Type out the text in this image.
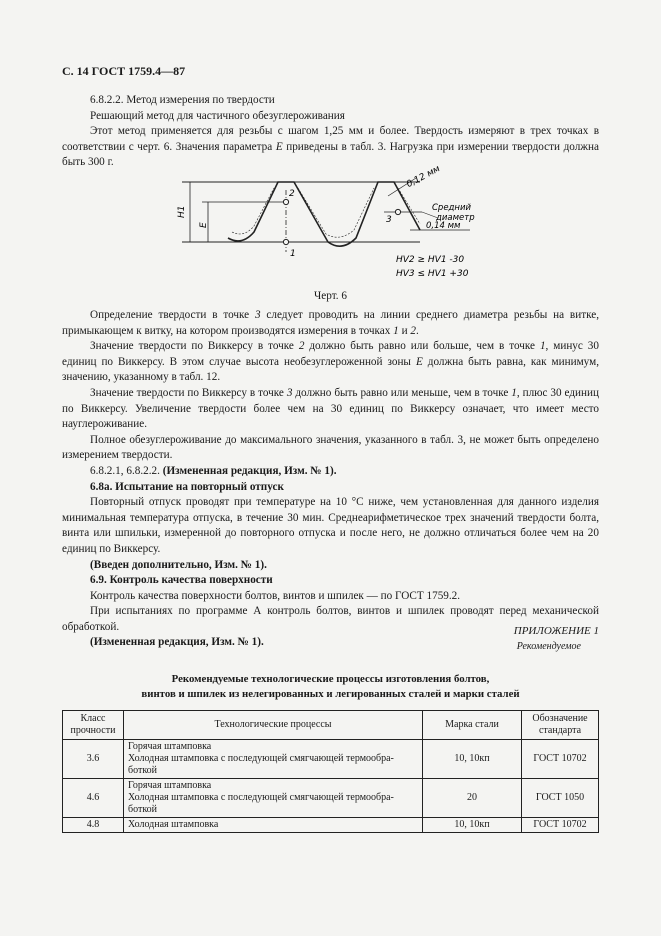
С. 14 ГОСТ 1759.4—87

6.8.2.2. Метод измерения по твердости

Решающий метод для частичного обезуглероживания

Этот метод применяется для резьбы с шагом 1,25 мм и более. Твердость измеряют в трех точках в соответствии с черт. 6. Значения параметра E приведены в табл. 3. Нагрузка при измерении твердости должна быть 300 г.

H1
E
2
1
3
0,12 мм
Средний
диаметр
0,14 мм
HV2 ≥ HV1 -30
HV3 ≤ HV1 +30
Черт. 6

Определение твердости в точке 3 следует проводить на линии среднего диаметра резьбы на витке, примыкающем к витку, на котором производятся измерения в точках 1 и 2.

Значение твердости по Виккерсу в точке 2 должно быть равно или больше, чем в точке 1, минус 30 единиц по Виккерсу. В этом случае высота необезуглероженной зоны E должна быть равна, как минимум, значению, указанному в табл. 12.

Значение твердости по Виккерсу в точке 3 должно быть равно или меньше, чем в точке 1, плюс 30 единиц по Виккерсу. Увеличение твердости более чем на 30 единиц по Виккерсу означает, что имеет место науглероживание.

Полное обезуглероживание до максимального значения, указанного в табл. 3, не может быть определено измерением твердости.

6.8.2.1, 6.8.2.2. (Измененная редакция, Изм. № 1).

6.8а. Испытание на повторный отпуск

Повторный отпуск проводят при температуре на 10 °С ниже, чем установленная для данного изделия минимальная температура отпуска, в течение 30 мин. Среднеарифметическое трех значений твердости болта, винта или шпильки, измеренной до повторного отпуска и после него, не должно отличаться более чем на 20 единиц по Виккерсу.

(Введен дополнительно, Изм. № 1).

6.9. Контроль качества поверхности

Контроль качества поверхности болтов, винтов и шпилек — по ГОСТ 1759.2.

При испытаниях по программе А контроль болтов, винтов и шпилек проводят перед механической обработкой.

(Измененная редакция, Изм. № 1).

ПРИЛОЖЕНИЕ 1
Рекомендуемое
Рекомендуемые технологические процессы изготовления болтов,
винтов и шпилек из нелегированных и легированных сталей и марки сталей
Класс
прочности	Технологические процессы	Марка стали	Обозначение
стандарта
3.6	Горячая штамповка
Холодная штамповка с последующей смягчающей термообра-
боткой	10, 10кп	ГОСТ 10702
4.6	Горячая штамповка
Холодная штамповка с последующей смягчающей термообра-
боткой	20	ГОСТ 1050
4.8	Холодная штамповка	10, 10кп	ГОСТ 10702
